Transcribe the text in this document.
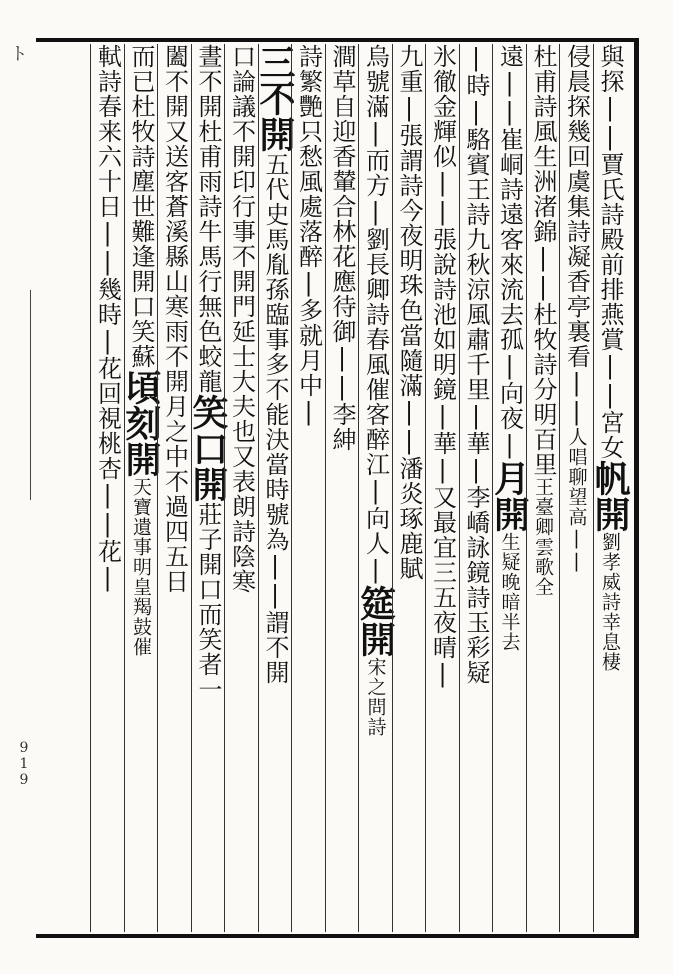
ト
919
與探||賈氏詩殿前排燕賞||宮女帆開劉孝威詩幸息棲
侵晨探幾回虞集詩凝香亭裏看||人唱聊望高||
杜甫詩風生洲渚錦||杜牧詩分明百里王臺卿雲歌全
遠||崔峒詩遠客來流去孤|向夜|月開生疑晚暗半去
|時|駱賓王詩九秋涼風肅千里|華|李嶠詠鏡詩玉彩疑
氷徹金輝似||張說詩池如明鏡|華|又最宜三五夜晴|
九重|張謂詩今夜明珠色當隨滿||潘炎琢鹿賦
烏號滿|而方|劉長卿詩春風催客醉江|向人|筵開宋之問詩
澗草自迎香輦合林花應待御||李紳
詩繁艷只愁風處落醉|多就月中|
三不開五代史馬胤孫臨事多不能決當時號為||謂不開
口論議不開印行事不開門延士大夫也又表朗詩陰寒
晝不開杜甫雨詩牛馬行無色蛟龍笑口開莊子開口而笑者一
闔不開又送客蒼溪縣山寒雨不開月之中不過四五日
而已杜牧詩塵世難逢開口笑蘇頃刻開天寶遺事明皇羯鼓催
軾詩春来六十日||幾時|花回視桃杏||花|
